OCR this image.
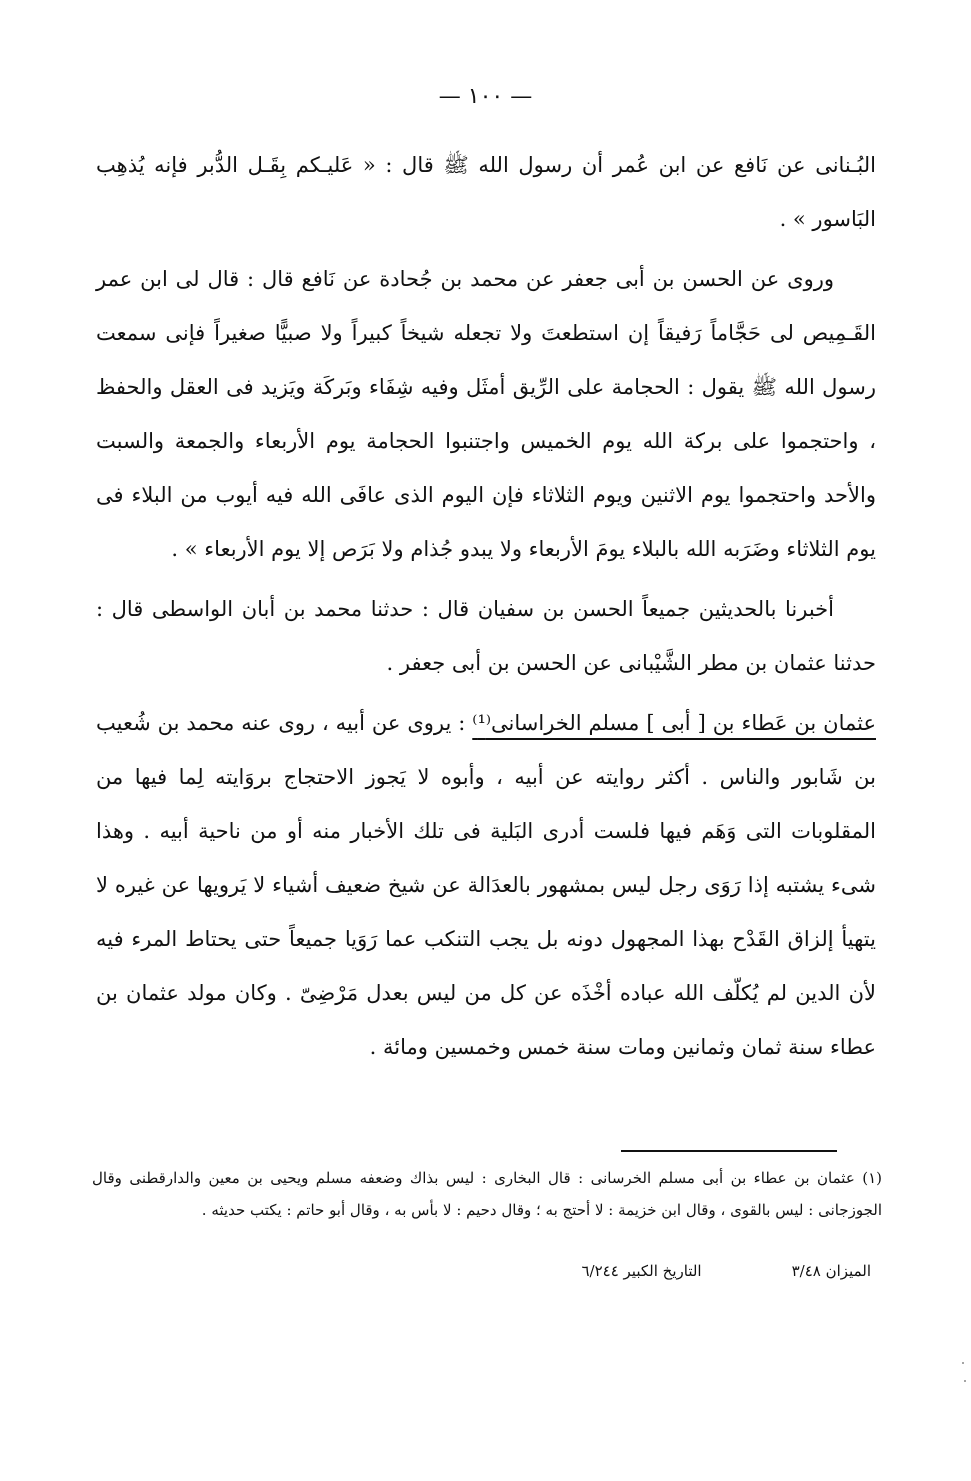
— ١٠٠ —

البُـنانى عن نَافع عن ابن عُمر أن رسول الله ﷺ قال : « عَليـكم بِقَـل الدُّبر فإنه يُذهِب البَاسور » .

وروى عن الحسن بن أبى جعفر عن محمد بن جُحادة عن نَافع قال : قال لى ابن عمر القَـمِيص لى حَجَّاماً رَفيقاً إن استطعتَ ولا تجعله شيخاً كبيراً ولا صبيًّا صغيراً فإنى سمعت رسول الله ﷺ يقول : الحجامة على الرِّيق أمثَل وفيه شِفَاء وبَركَة ويَزيد فى العقل والحفظ ، واحتجموا على بركة الله يوم الخميس واجتنبوا الحجامة يوم الأربعاء والجمعة والسبت والأحد واحتجموا يوم الاثنين ويوم الثلاثاء فإن اليوم الذى عافَى الله فيه أيوب من البلاء فى يوم الثلاثاء وضَرَبه الله بالبلاء يومَ الأربعاء ولا يبدو جُذام ولا بَرَص إلا يوم الأربعاء » .

أخبرنا بالحديثين جميعاً الحسن بن سفيان قال : حدثنا محمد بن أبان الواسطى قال : حدثنا عثمان بن مطر الشَّيْبانى عن الحسن بن أبى جعفر .

عثمان بن عَطاء بن [ أبى ] مسلم الخراسانى⁽¹⁾ : يروى عن أبيه ، روى عنه محمد بن شُعيب بن شَابور والناس . أكثر روايته عن أبيه ، وأبوه لا يَجوز الاحتجاج بروَايته لِما فيها من المقلوبات التى وَهَم فيها فلست أدرى البَلية فى تلك الأخبار منه أو من ناحية أبيه . وهذا شىء يشتبه إذا رَوَى رجل ليس بمشهور بالعدَالة عن شيخ ضعيف أشياء لا يَرويها عن غيره لا يتهيأ إلزاق القَدْح بهذا المجهول دونه بل يجب التنكب عما رَوَيا جميعاً حتى يحتاط المرء فيه لأن الدين لم يُكلّف الله عباده أخْذَه عن كل من ليس بعدل مَرْضِىّ . وكان مولد عثمان بن عطاء سنة ثمان وثمانين ومات سنة خمس وخمسين ومائة .

(١) عثمان بن عطاء بن أبى مسلم الخرسانى : قال البخارى : ليس بذاك وضعفه مسلم ويحيى بن معين والدارقطنى وقال الجوزجانى : ليس بالقوى ، وقال ابن خزيمة : لا أحتج به ؛ وقال دحيم : لا بأس به ، وقال أبو حاتم : يكتب حديثه .

الميزان ٣/٤٨
التاريخ الكبير ٦/٢٤٤
